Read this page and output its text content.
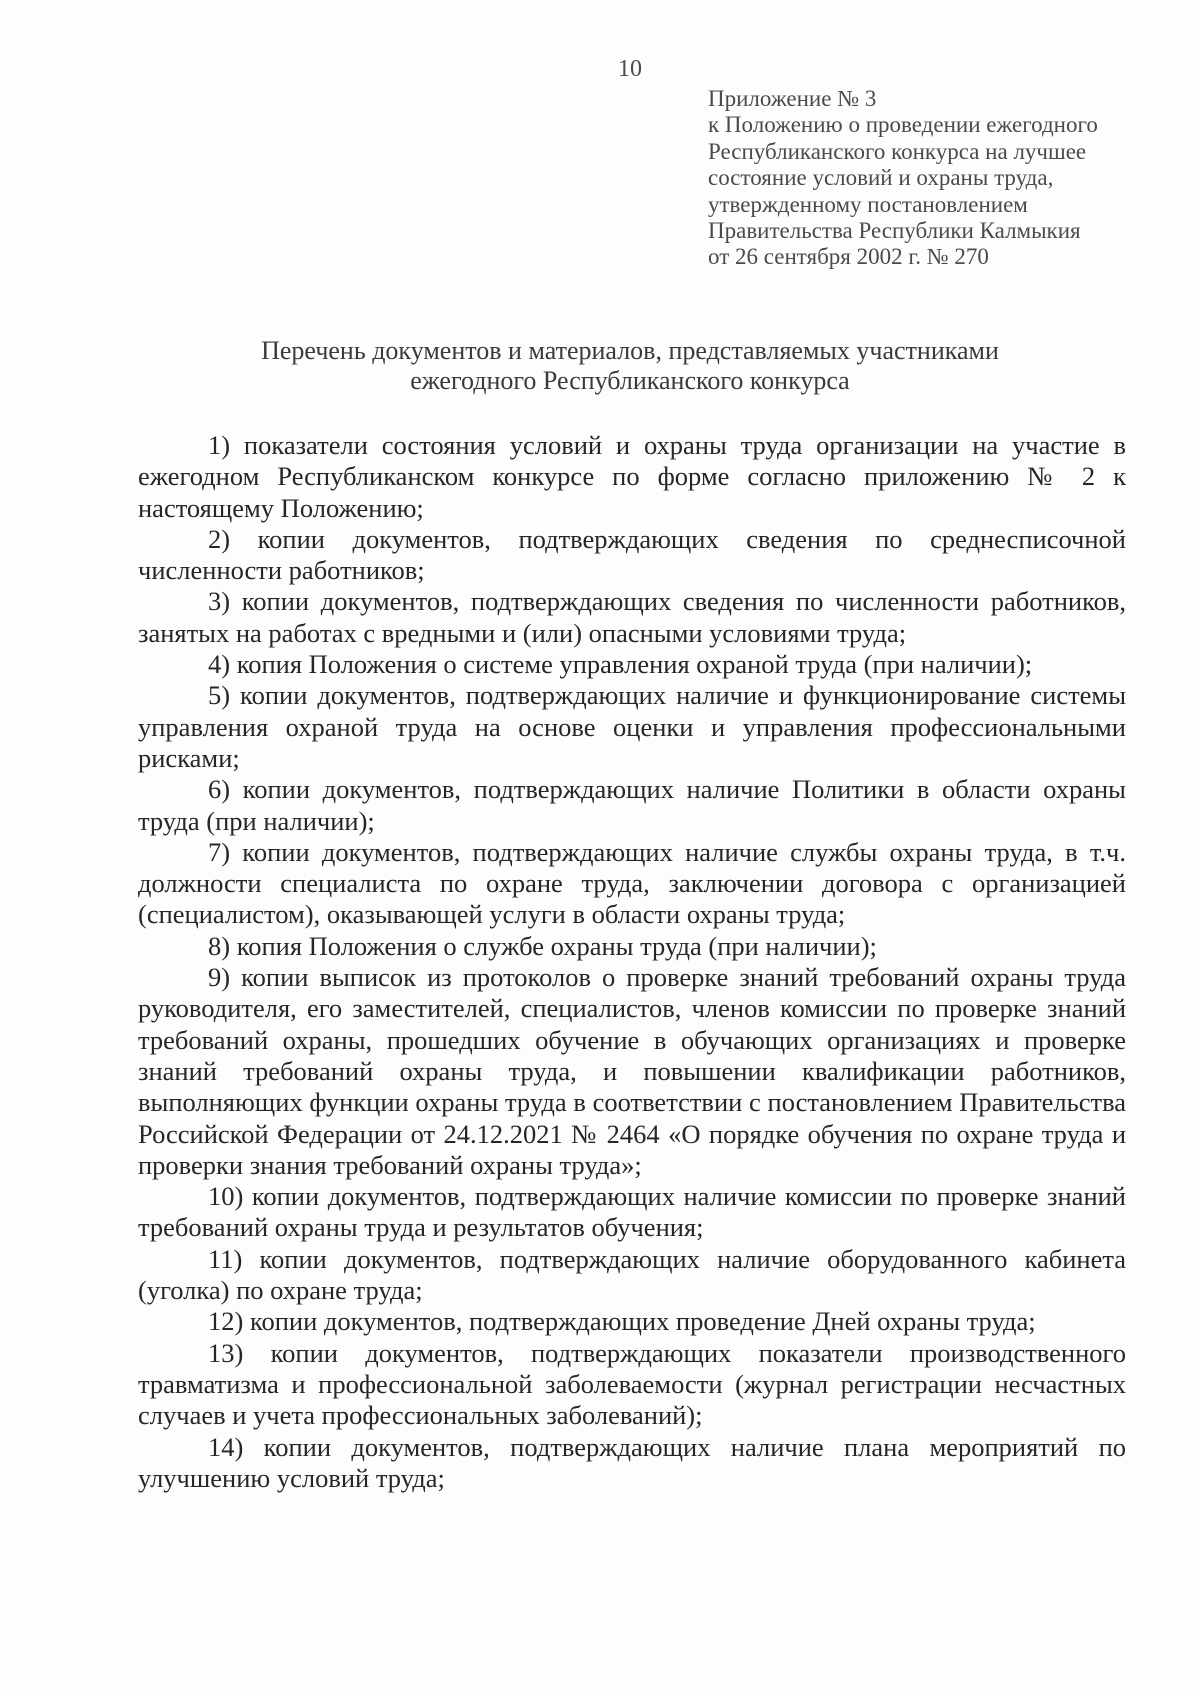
10
Приложение № 3
к Положению о проведении ежегодного
Республиканского конкурса на лучшее
состояние условий и охраны труда,
утвержденному постановлением
Правительства Республики Калмыкия
от 26 сентября 2002 г. № 270
Перечень документов и материалов, представляемых участниками
ежегодного Республиканского конкурса

1) показатели состояния условий и охраны труда организации на участие в ежегодном Республиканском конкурсе по форме согласно приложению № 2 к настоящему Положению;

2) копии документов, подтверждающих сведения по среднесписочной численности работников;

3) копии документов, подтверждающих сведения по численности работников, занятых на работах с вредными и (или) опасными условиями труда;

4) копия Положения о системе управления охраной труда (при наличии);

5) копии документов, подтверждающих наличие и функционирование системы управления охраной труда на основе оценки и управления профессиональными рисками;

6) копии документов, подтверждающих наличие Политики в области охраны труда (при наличии);

7) копии документов, подтверждающих наличие службы охраны труда, в т.ч. должности специалиста по охране труда, заключении договора с организацией (специалистом), оказывающей услуги в области охраны труда;

8) копия Положения о службе охраны труда (при наличии);

9) копии выписок из протоколов о проверке знаний требований охраны труда руководителя, его заместителей, специалистов, членов комиссии по проверке знаний требований охраны, прошедших обучение в обучающих организациях и проверке знаний требований охраны труда, и повышении квалификации работников, выполняющих функции охраны труда в соответствии с постановлением Правительства Российской Федерации от 24.12.2021 № 2464 «О порядке обучения по охране труда и проверки знания требований охраны труда»;

10) копии документов, подтверждающих наличие комиссии по проверке знаний требований охраны труда и результатов обучения;

11) копии документов, подтверждающих наличие оборудованного кабинета (уголка) по охране труда;

12) копии документов, подтверждающих проведение Дней охраны труда;

13) копии документов, подтверждающих показатели производственного травматизма и профессиональной заболеваемости (журнал регистрации несчастных случаев и учета профессиональных заболеваний);

14) копии документов, подтверждающих наличие плана мероприятий по улучшению условий труда;
